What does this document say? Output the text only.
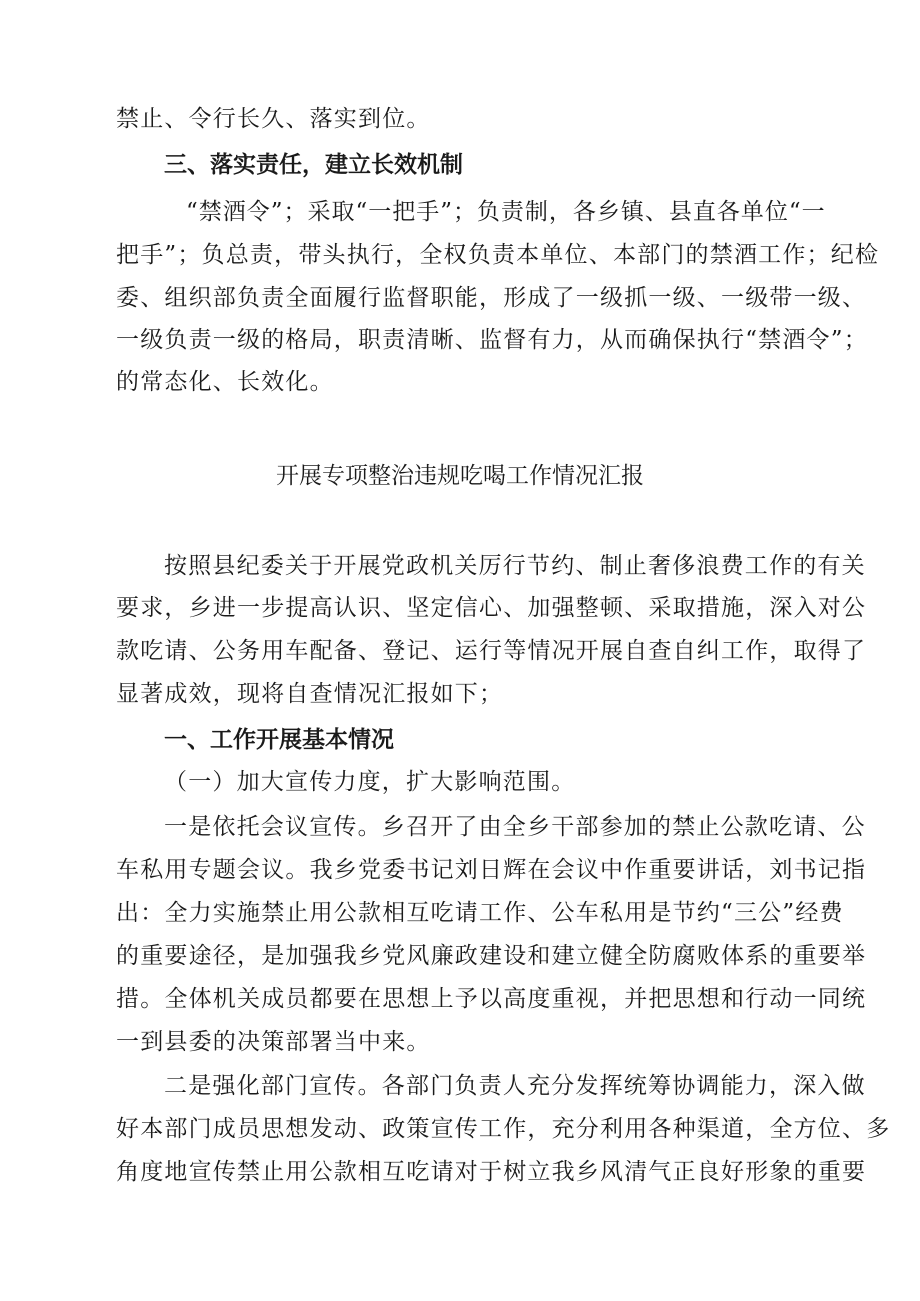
禁止、令行长久、落实到位。
三、落实责任，建立长效机制
“禁酒令”；采取“一把手”；负责制，各乡镇、县直各单位“一
把手”；负总责，带头执行，全权负责本单位、本部门的禁酒工作；纪检
委、组织部负责全面履行监督职能，形成了一级抓一级、一级带一级、
一级负责一级的格局，职责清晰、监督有力，从而确保执行“禁酒令”；
的常态化、长效化。
开展专项整治违规吃喝工作情况汇报
按照县纪委关于开展党政机关厉行节约、制止奢侈浪费工作的有关
要求，乡进一步提高认识、坚定信心、加强整顿、采取措施，深入对公
款吃请、公务用车配备、登记、运行等情况开展自查自纠工作，取得了
显著成效，现将自查情况汇报如下；
一、工作开展基本情况
（一）加大宣传力度，扩大影响范围。
一是依托会议宣传。乡召开了由全乡干部参加的禁止公款吃请、公
车私用专题会议。我乡党委书记刘日辉在会议中作重要讲话，刘书记指
出：全力实施禁止用公款相互吃请工作、公车私用是节约“三公”经费
的重要途径，是加强我乡党风廉政建设和建立健全防腐败体系的重要举
措。全体机关成员都要在思想上予以高度重视，并把思想和行动一同统
一到县委的决策部署当中来。
二是强化部门宣传。各部门负责人充分发挥统筹协调能力，深入做
好本部门成员思想发动、政策宣传工作，充分利用各种渠道，全方位、多
角度地宣传禁止用公款相互吃请对于树立我乡风清气正良好形象的重要
